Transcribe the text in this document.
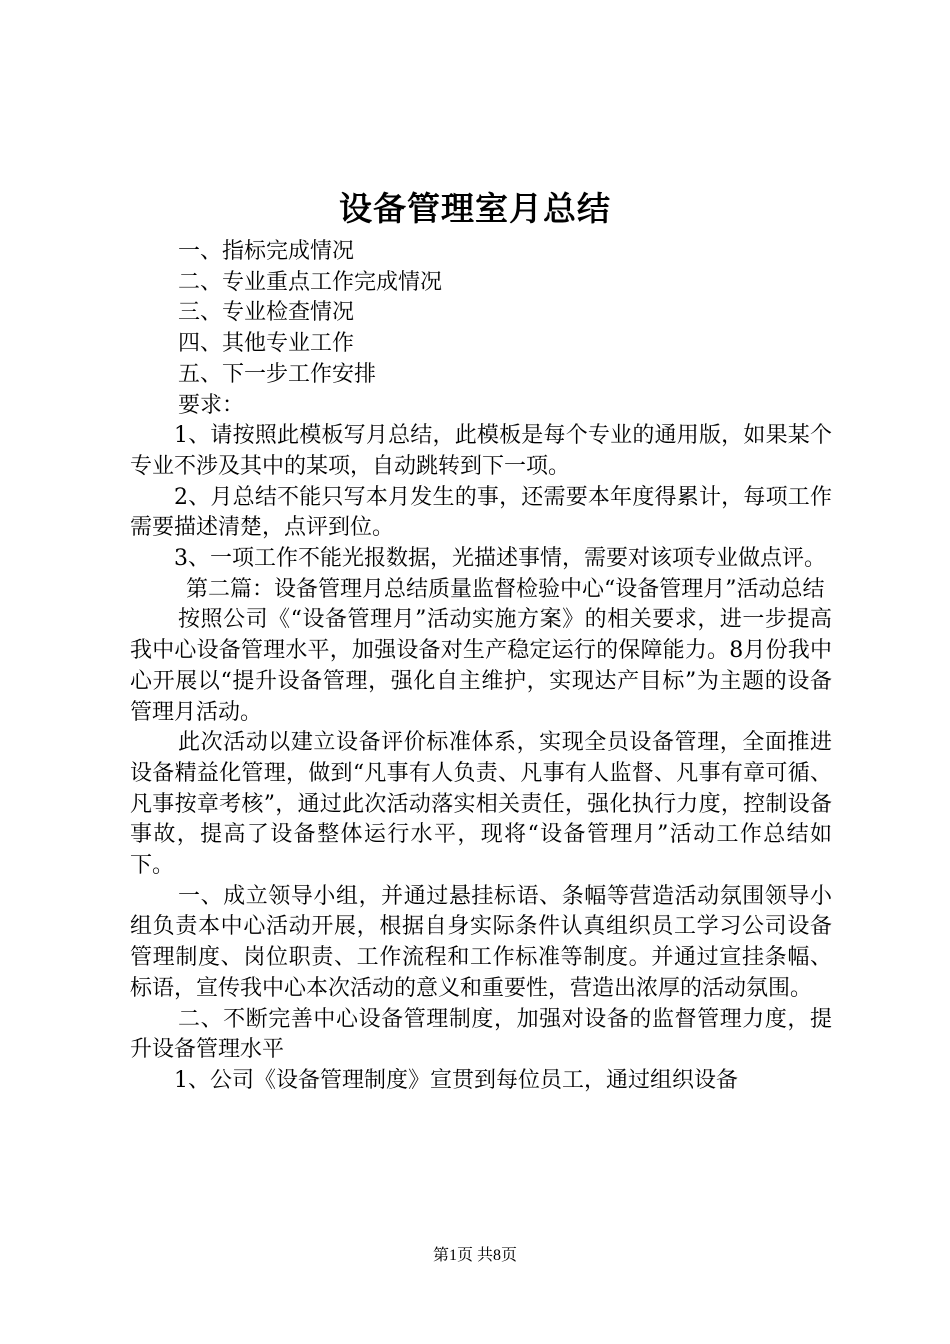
设备管理室月总结

一、指标完成情况

二、专业重点工作完成情况

三、专业检查情况

四、其他专业工作

五、下一步工作安排

要求：

1、请按照此模板写月总结，此模板是每个专业的通用版，如果某个专业不涉及其中的某项，自动跳转到下一项。

2、月总结不能只写本月发生的事，还需要本年度得累计，每项工作需要描述清楚，点评到位。

3、一项工作不能光报数据，光描述事情，需要对该项专业做点评。

第二篇：设备管理月总结质量监督检验中心“设备管理月”活动总结

按照公司《“设备管理月”活动实施方案》的相关要求，进一步提高我中心设备管理水平，加强设备对生产稳定运行的保障能力。8月份我中心开展以“提升设备管理，强化自主维护，实现达产目标”为主题的设备管理月活动。

此次活动以建立设备评价标准体系，实现全员设备管理，全面推进设备精益化管理，做到“凡事有人负责、凡事有人监督、凡事有章可循、凡事按章考核”，通过此次活动落实相关责任，强化执行力度，控制设备事故，提高了设备整体运行水平，现将“设备管理月”活动工作总结如下。

一、成立领导小组，并通过悬挂标语、条幅等营造活动氛围领导小组负责本中心活动开展，根据自身实际条件认真组织员工学习公司设备管理制度、岗位职责、工作流程和工作标准等制度。并通过宣挂条幅、标语，宣传我中心本次活动的意义和重要性，营造出浓厚的活动氛围。

二、不断完善中心设备管理制度，加强对设备的监督管理力度，提升设备管理水平

1、公司《设备管理制度》宣贯到每位员工，通过组织设备

第1页 共8页
